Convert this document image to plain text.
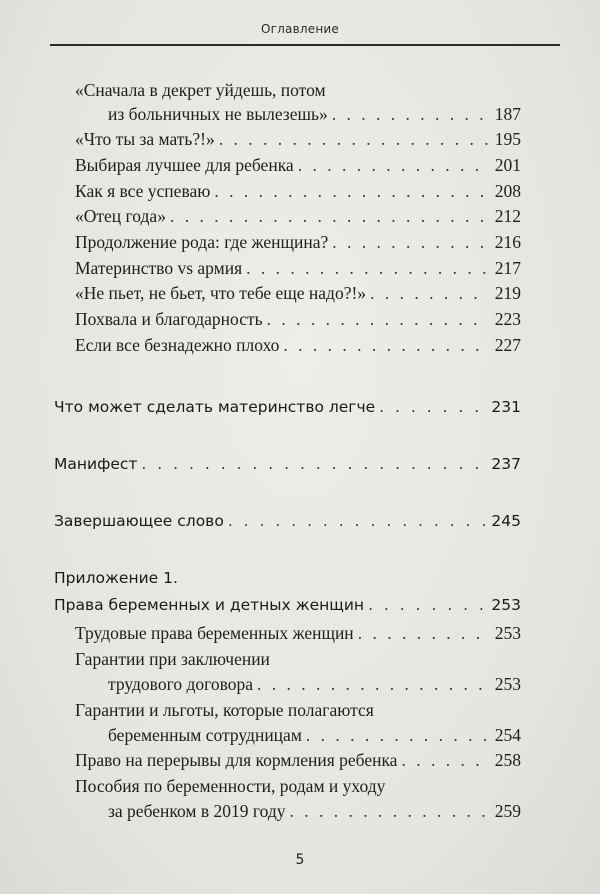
Оглавление
«Сначала в декрет уйдешь, потом
из больничных не вылезешь» . . .	187
«Что ты за мать?!» . . .	195
Выбирая лучшее для ребенка . . .	201
Как я все успеваю . . .	208
«Отец года» . . .	212
Продолжение рода: где женщина? . . .	216
Материнство vs армия . . .	217
«Не пьет, не бьет, что тебе еще надо?!» . . .	219
Похвала и благодарность . . .	223
Если все безнадежно плохо . . .	227
Что может сделать материнство легче . . .	231
Манифест . . .	237
Завершающее слово . . .	245
Приложение 1.
Права беременных и детных женщин . . .	253
Трудовые права беременных женщин . . .	253
Гарантии при заключении
трудового договора . . .	253
Гарантии и льготы, которые полагаются
беременным сотрудницам . . .	254
Право на перерывы для кормления ребенка . . .	258
Пособия по беременности, родам и уходу
за ребенком в 2019 году . . .	259
5
